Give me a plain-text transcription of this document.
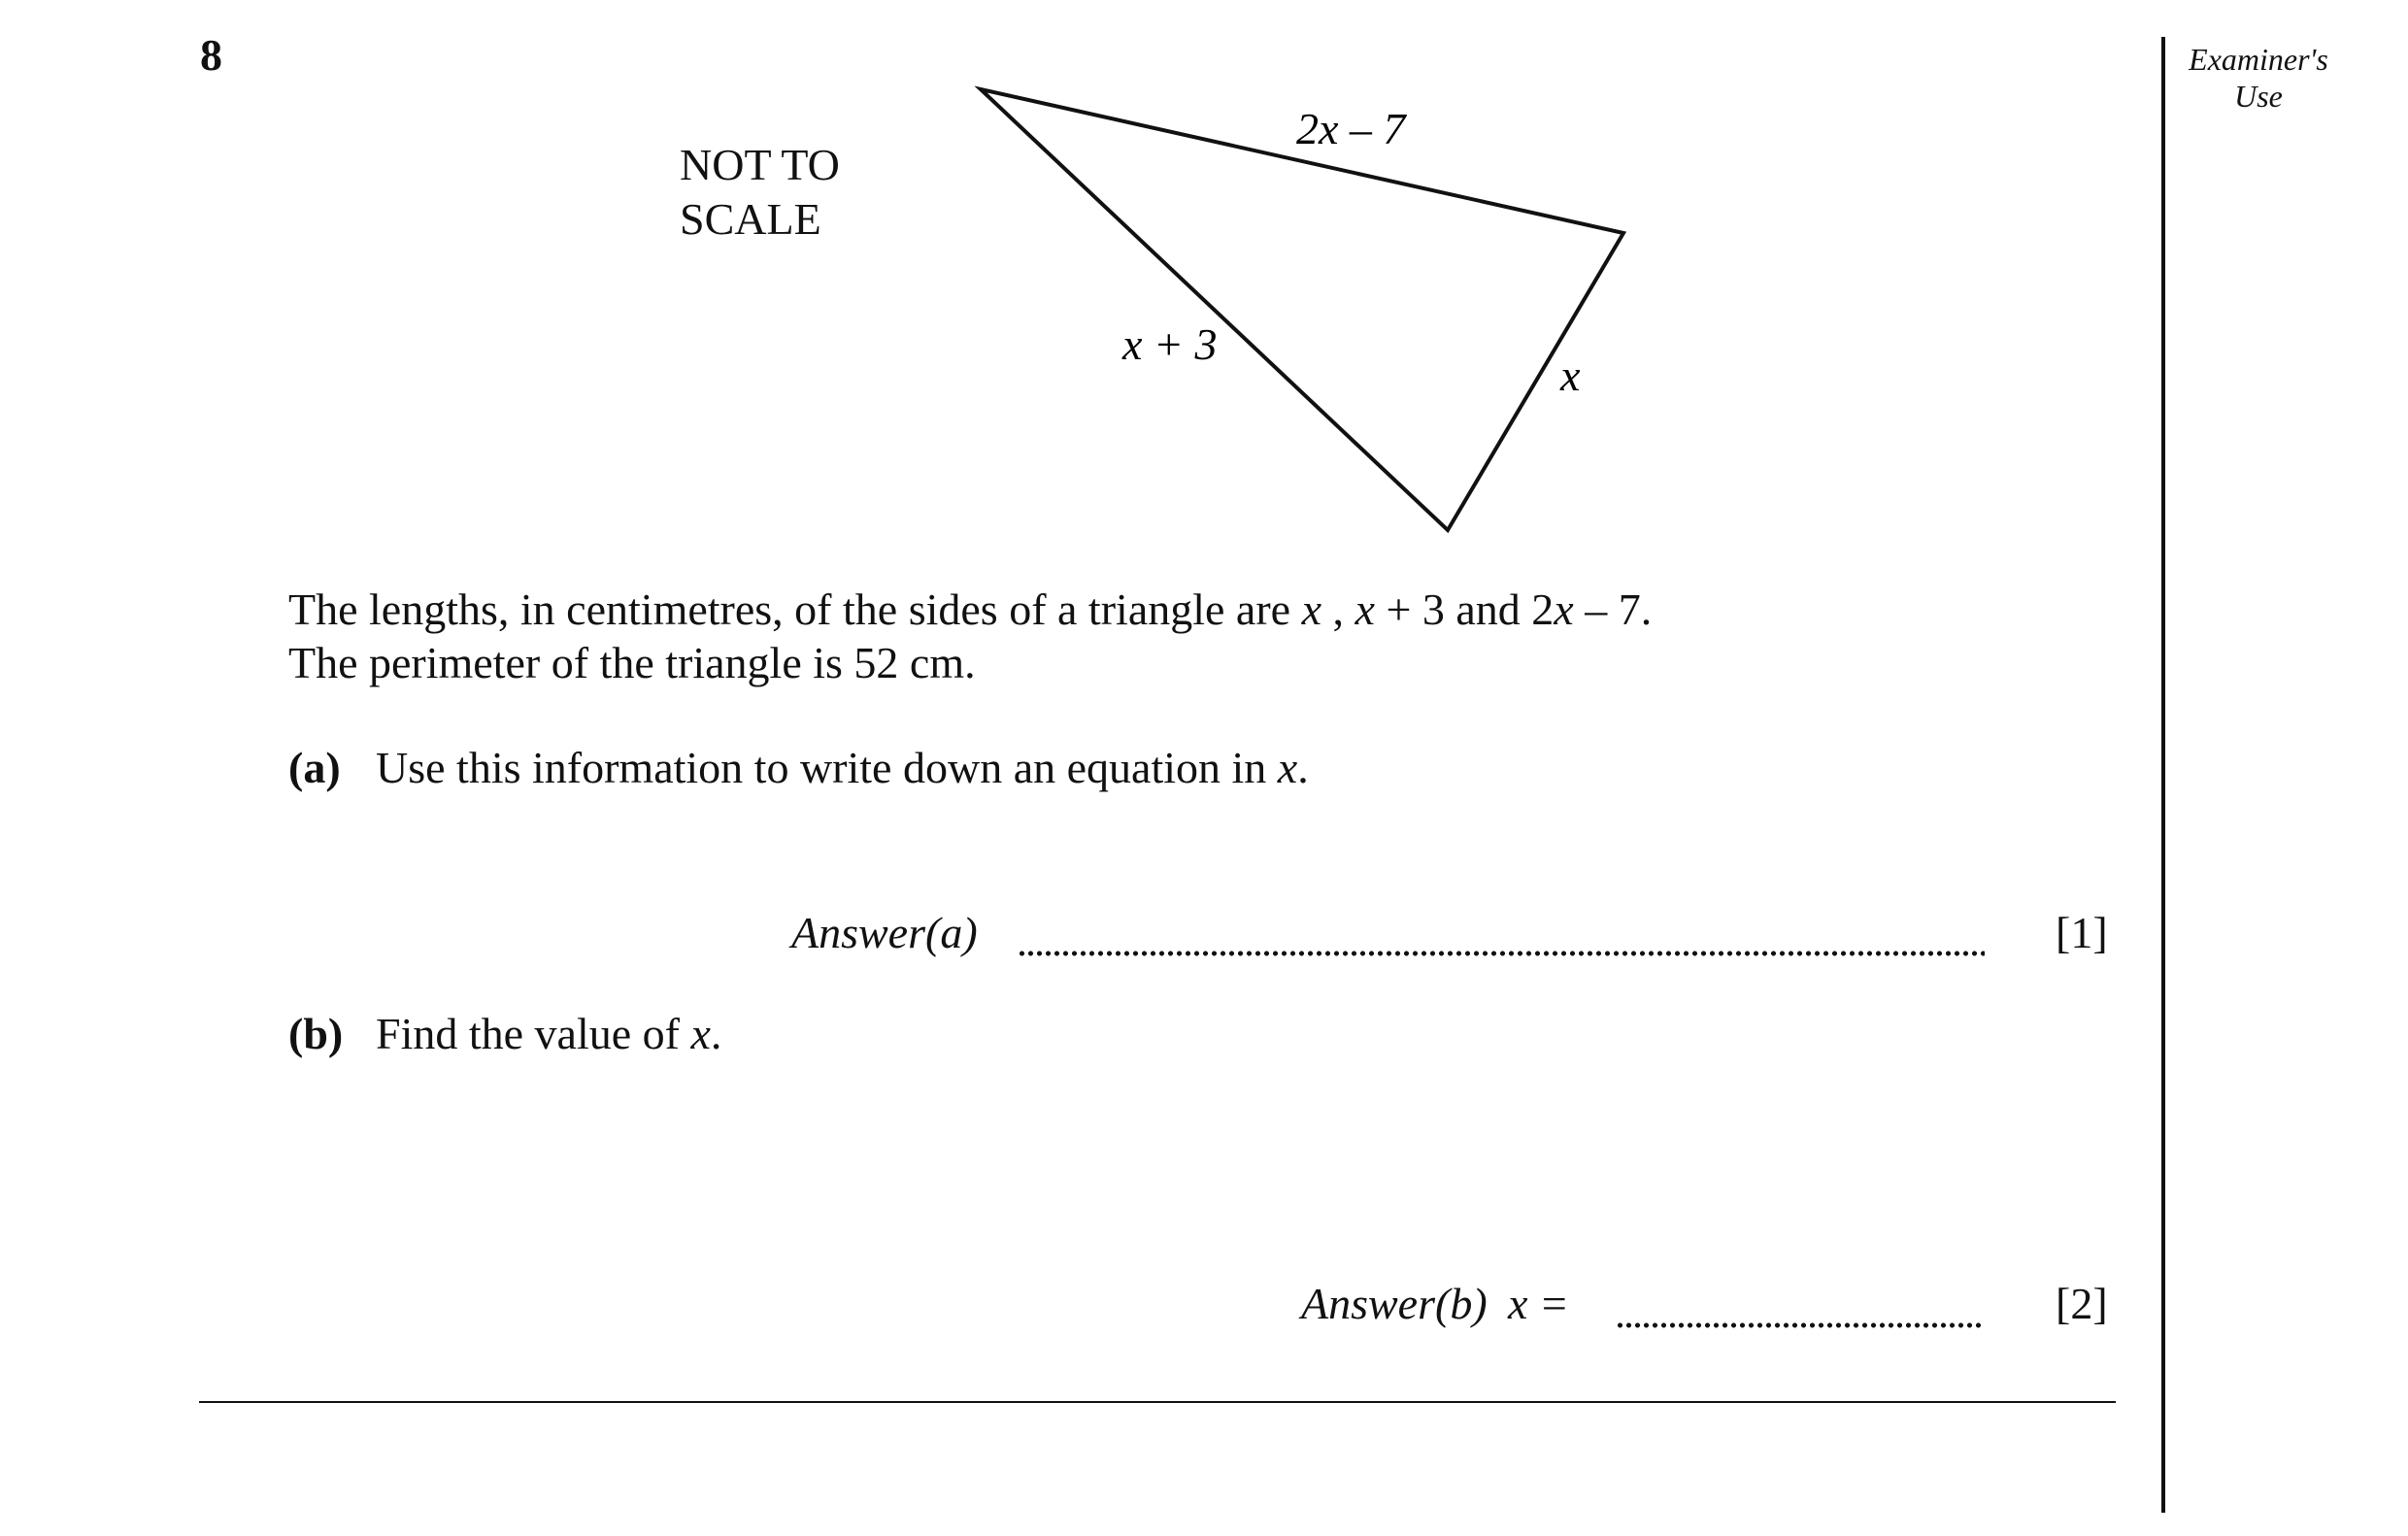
8	Examiner's
Use
NOT TO
SCALE
2x – 7
x + 3
x
The lengths, in centimetres, of the sides of a triangle are x , x + 3 and 2x – 7.
The perimeter of the triangle is 52 cm.
(a) Use this information to write down an equation in x.
Answer(a)	[1]
(b) Find the value of x.
Answer(b) x =	[2]
